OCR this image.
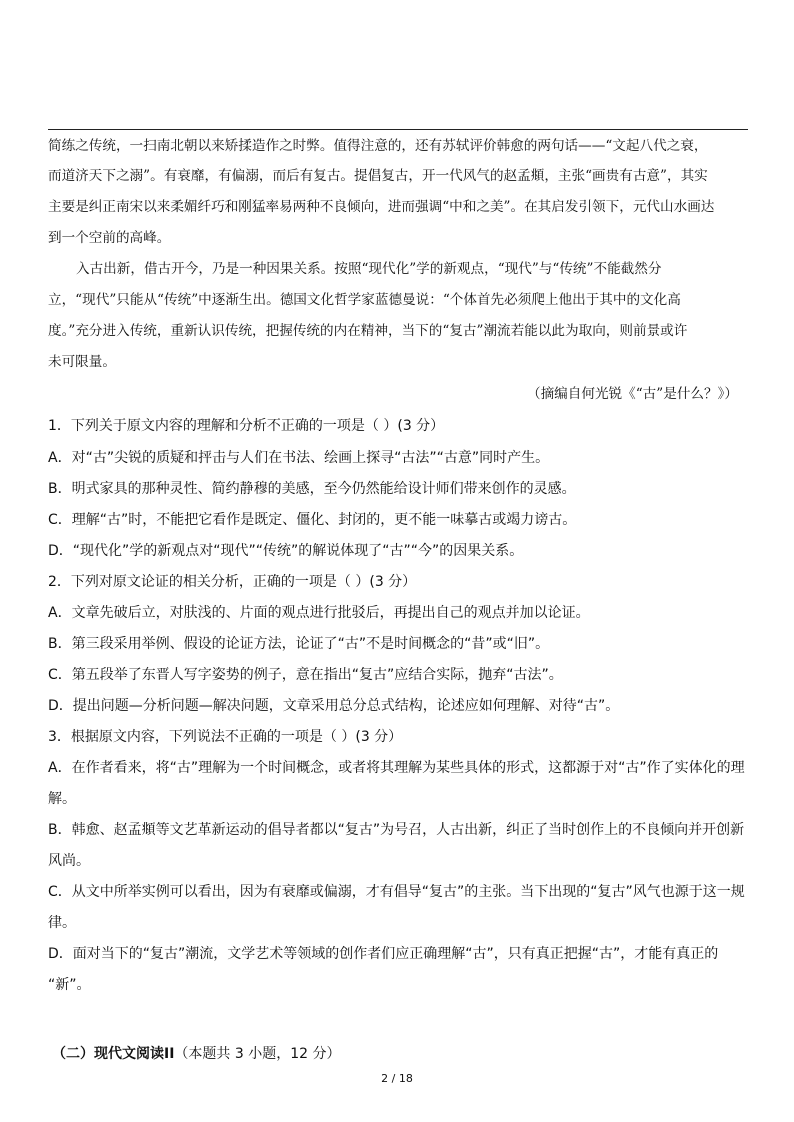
简练之传统，一扫南北朝以来矫揉造作之时弊。值得注意的，还有苏轼评价韩愈的两句话——“文起八代之衰，
而道济天下之溺”。有衰靡，有偏溺，而后有复古。提倡复古，开一代风气的赵孟頫，主张“画贵有古意”，其实
主要是纠正南宋以来柔媚纤巧和刚猛率易两种不良倾向，进而强调“中和之美”。在其启发引领下，元代山水画达
到一个空前的高峰。
入古出新，借古开今，乃是一种因果关系。按照“现代化”学的新观点，“现代”与“传统”不能截然分
立，“现代”只能从“传统”中逐渐生出。德国文化哲学家蓝德曼说：“个体首先必须爬上他出于其中的文化高
度。”充分进入传统，重新认识传统，把握传统的内在精神，当下的“复古”潮流若能以此为取向，则前景或许
未可限量。
（摘编自何光锐《“古”是什么？》）
1．下列关于原文内容的理解和分析不正确的一项是（ ）(3 分）
A．对“古”尖锐的质疑和抨击与人们在书法、绘画上探寻“古法”“古意”同时产生。
B．明式家具的那种灵性、简约静穆的美感，至今仍然能给设计师们带来创作的灵感。
C．理解“古”时，不能把它看作是既定、僵化、封闭的，更不能一味摹古或竭力谤古。
D．“现代化”学的新观点对“现代”“传统”的解说体现了“古”“今”的因果关系。
2．下列对原文论证的相关分析，正确的一项是（ ）(3 分）
A．文章先破后立，对肤浅的、片面的观点进行批驳后，再提出自己的观点并加以论证。
B．第三段采用举例、假设的论证方法，论证了“古”不是时间概念的“昔”或“旧”。
C．第五段举了东晋人写字姿势的例子，意在指出“复古”应结合实际，抛弃“古法”。
D．提出问题—分析问题—解决问题，文章采用总分总式结构，论述应如何理解、对待“古”。
3．根据原文内容，下列说法不正确的一项是（ ）(3 分）
A．在作者看来，将“古”理解为一个时间概念，或者将其理解为某些具体的形式，这都源于对“古”作了实体化的理
解。
B．韩愈、赵孟頫等文艺革新运动的倡导者都以“复古”为号召，人古出新，纠正了当时创作上的不良倾向并开创新
风尚。
C．从文中所举实例可以看出，因为有衰靡或偏溺，才有倡导“复古”的主张。当下出现的“复古”风气也源于这一规
律。
D．面对当下的“复古”潮流，文学艺术等领域的创作者们应正确理解“古”，只有真正把握“古”，才能有真正的
“新”。
（二）现代文阅读II（本题共 3 小题，12 分）
2 / 18
